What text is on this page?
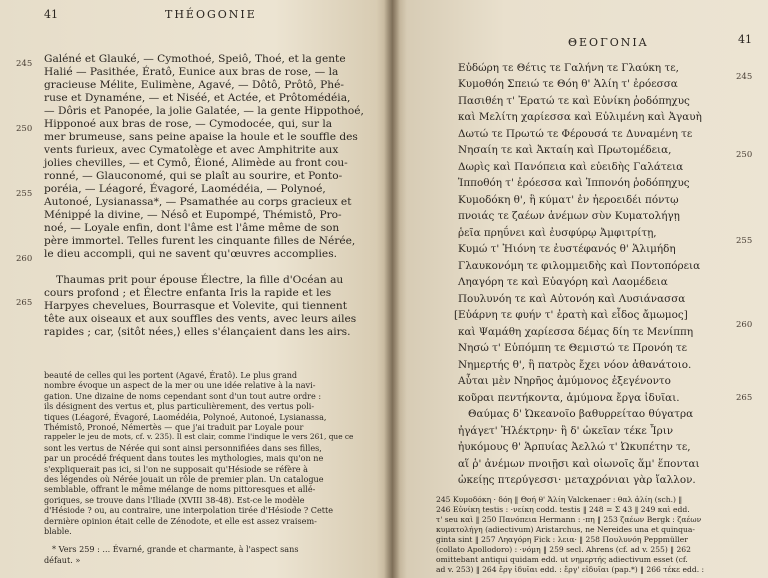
41	THÉOGONIE
245
250
255
260
265
Galéné et Glauké, — Cymothoé, Speiô, Thoé, et la gente
Halié — Pasithée, Ératô, Eunice aux bras de rose, — la
gracieuse Mélite, Eulimène, Agavé, — Dôtô, Prôtô, Phé-
ruse et Dynaméne, — et Niséé, et Actée, et Prôtomédéia,
— Dôris et Panopée, la jolie Galatée, — la gente Hippothoé,
Hipponoé aux bras de rose, — Cymodocée, qui, sur la
mer brumeuse, sans peine apaise la houle et le souffle des
vents furieux, avec Cymatolège et avec Amphitrite aux
jolies chevilles, — et Cymô, Éioné, Alimède au front cou-
ronné, — Glauconomé, qui se plaît au sourire, et Ponto-
poréia, — Léagoré, Évagoré, Laomédéia, — Polynoé,
Autonoé, Lysianassa*, — Psamathée au corps gracieux et
Ménippé la divine, — Nésô et Eupompé, Thémistô, Pro-
noé, — Loyale enfin, dont l'âme est l'âme même de son
père immortel. Telles furent les cinquante filles de Nérée,
le dieu accompli, qui ne savent qu'œuvres accomplies.
Thaumas prit pour épouse Électre, la fille d'Océan au
cours profond ; et Électre enfanta Iris la rapide et les
Harpyes chevelues, Bourrasque et Volevite, qui tiennent
tête aux oiseaux et aux souffles des vents, avec leurs ailes
rapides ; car, ⟨sitôt nées,⟩ elles s'élançaient dans les airs.
beauté de celles qui les portent (Agavé, Ératô). Le plus grand
nombre évoque un aspect de la mer ou une idée relative à la navi-
gation. Une dizaine de noms cependant sont d'un tout autre ordre :
ils désignent des vertus et, plus particulièrement, des vertus poli-
tiques (Léagoré, Évagoré, Laomédéia, Polynoé, Autonoé, Lysianassa,
Thémistô, Pronoé, Némertès — que j'ai traduit par Loyale pour
rappeler le jeu de mots, cf. v. 235). Il est clair, comme l'indique le vers 261, que ce
sont les vertus de Nérée qui sont ainsi personnifiées dans ses filles,
par un procédé fréquent dans toutes les mythologies, mais qu'on ne
s'expliquerait pas ici, si l'on ne supposait qu'Hésiode se réfère à
des légendes où Nérée jouait un rôle de premier plan. Un catalogue
semblable, offrant le même mélange de noms pittoresques et allé-
goriques, se trouve dans l'Iliade (XVIII 38-48). Est-ce le modèle
d'Hésiode ? ou, au contraire, une interpolation tirée d'Hésiode ? Cette
dernière opinion était celle de Zénodote, et elle est assez vraisem-
blable.
* Vers 259 : ... Évarné, grande et charmante, à l'aspect sans
défaut. »
ΘΕΟΓΟΝΙΑ	41
245
250
255
260
265
Εὐδώρη τε Θέτις τε Γαλήνη τε Γλαύκη τε,
Κυμοθόη Σπειώ τε Θόη θ' Ἁλίη τ' ἐρόεσσα
Πασιθέη τ' Ἐρατώ τε καὶ Εὐνίκη ῥοδόπηχυς
καὶ Μελίτη χαρίεσσα καὶ Εὐλιμένη καὶ Ἀγαυὴ
Δωτώ τε Πρωτώ τε Φέρουσά τε Δυναμένη τε
Νησαίη τε καὶ Ἀκταίη καὶ Πρωτομέδεια,
Δωρὶς καὶ Πανόπεια καὶ εὐειδὴς Γαλάτεια
Ἱπποθόη τ' ἐρόεσσα καὶ Ἱππονόη ῥοδόπηχυς
Κυμοδόκη θ', ἣ κύματ' ἐν ἠεροειδέι πόντῳ
πνοιάς τε ζαέων ἀνέμων σὺν Κυματολήγῃ
ῥεῖα πρηΰνει καὶ ἐυσφύρῳ Ἀμφιτρίτῃ,
Κυμώ τ' Ἠιόνη τε ἐυστέφανός θ' Ἁλιμήδη
Γλαυκονόμη τε φιλομμειδὴς καὶ Ποντοπόρεια
Ληαγόρη τε καὶ Εὐαγόρη καὶ Λαομέδεια
Πουλυνόη τε καὶ Αὐτονόη καὶ Λυσιάνασσα
[Εὐάρνη τε φυήν τ' ἐρατὴ καὶ εἶδος ἄμωμος]
καὶ Ψαμάθη χαρίεσσα δέμας δίη τε Μενίππη
Νησώ τ' Εὐπόμπη τε Θεμιστώ τε Προνόη τε
Νημερτής θ', ἣ πατρὸς ἔχει νόον ἀθανάτοιο.
Αὗται μὲν Νηρῆος ἀμύμονος ἐξεγένοντο
κοῦραι πεντήκοντα, ἀμύμονα ἔργα ἰδυῖαι.
Θαύμας δ' Ὠκεανοῖο βαθυρρείταο θύγατρα
ἠγάγετ' Ἠλέκτρην· ἣ δ' ὠκεῖαν τέκε Ἶριν
ἠυκόμους θ' Ἁρπυίας Ἀελλώ τ' Ὠκυπέτην τε,
αἵ ῥ' ἀνέμων πνοιῇσι καὶ οἰωνοῖς ἅμ' ἕπονται
ὠκείῃς πτερύγεσσι· μεταχρόνιαι γὰρ ἴαλλον.
245 Κυμοδόκη · δόη ‖ Θοή θ' Ἁλίη Valckenaer : θαλ ἁλίη (sch.) ‖
246 Εὐνίκη testis : ·νείκη codd. testis ‖ 248 = Σ 43 ‖ 249 καὶ edd.
τ' seu καὶ ‖ 250 Πανόπεια Hermann : ·πη ‖ 253 ζαέων Bergk : ζαέων
κυματολήγη (adiectivum) Aristarchus, ne Nereides una et quinqua-
ginta sint ‖ 257 Ληαγόρη Fick : λεια· ‖ 258 Πουλυνόη Peppmüller
(collato Apollodoro) : ·νόμη ‖ 259 secl. Ahrens (cf. ad v. 255) ‖ 262
omittebant antiqui quidam edd. ut νημερτής adiectivum esset (cf.
ad v. 253) ‖ 264 ἔργ ἰδυῖαι edd. : ἔργ' εἰδυῖαι (pap.*) ‖ 266 τέκε edd. :
